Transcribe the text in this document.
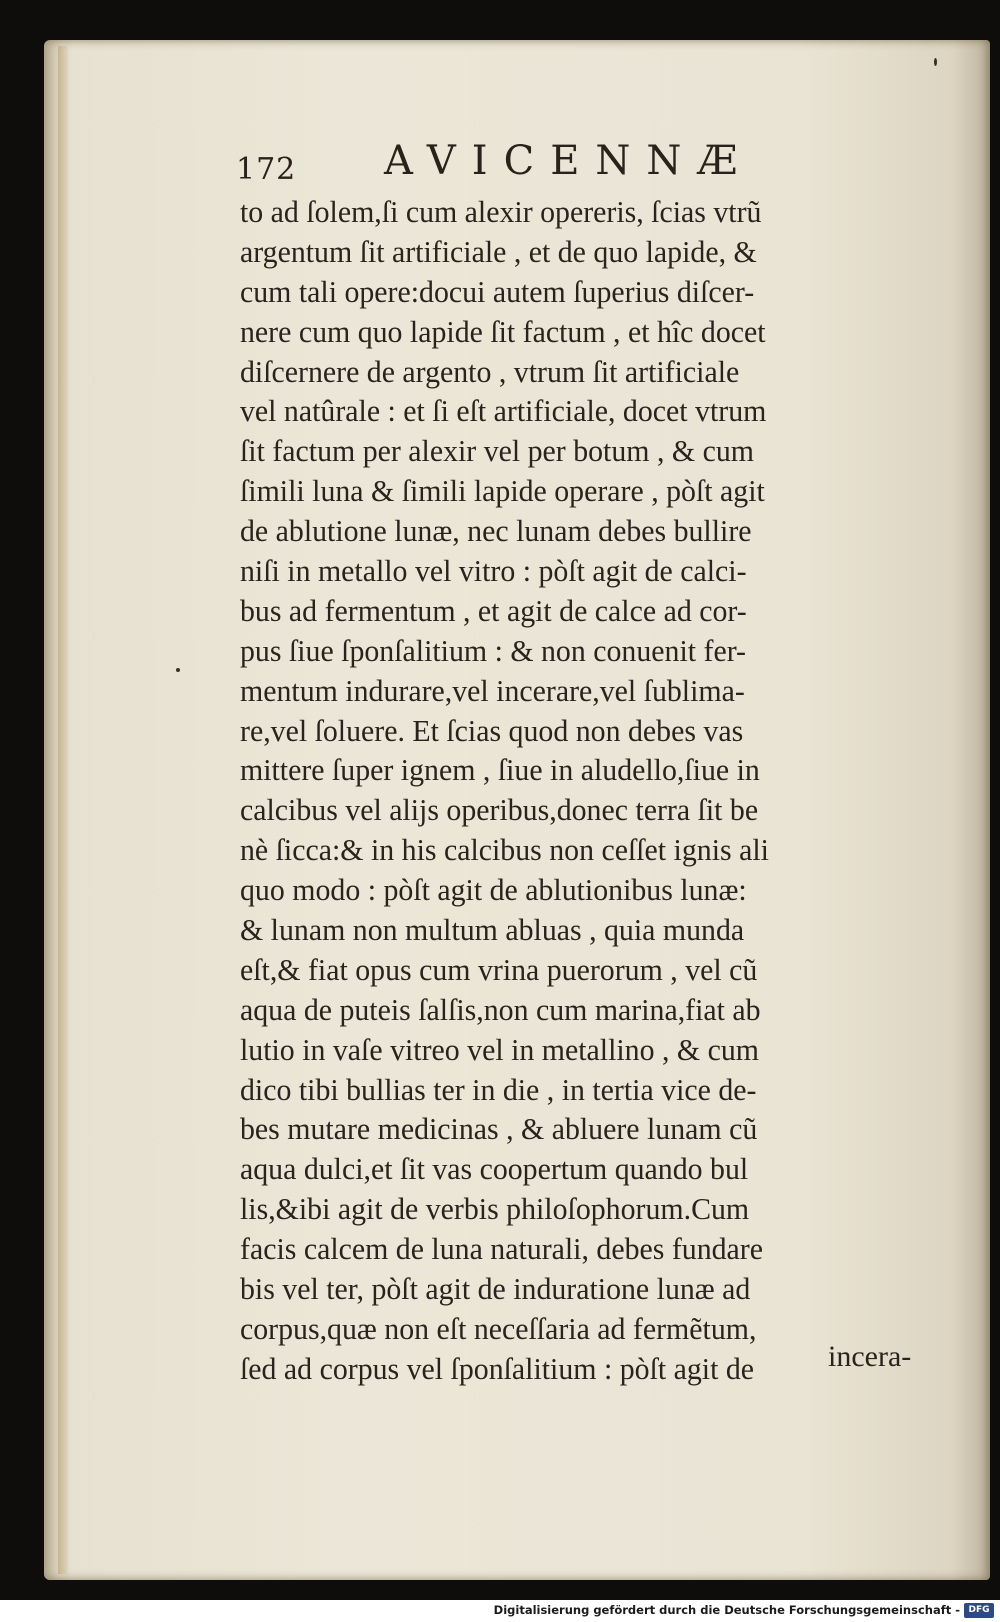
172 AVICENNÆ
to ad ſolem,ſi cum alexir opereris, ſcias vtrũ
argentum ſit artificiale , et de quo lapide, &
cum tali opere:docui autem ſuperius diſcer-
nere cum quo lapide ſit factum , et hîc docet
diſcernere de argento , vtrum ſit artificiale
vel natûrale : et ſi eſt artificiale, docet vtrum
ſit factum per alexir vel per botum , & cum
ſimili luna & ſimili lapide operare , pòſt agit
de ablutione lunæ, nec lunam debes bullire
niſi in metallo vel vitro : pòſt agit de calci-
bus ad fermentum , et agit de calce ad cor-
pus ſiue ſponſalitium : & non conuenit fer-
mentum indurare,vel incerare,vel ſublima-
re,vel ſoluere. Et ſcias quod non debes vas
mittere ſuper ignem , ſiue in aludello,ſiue in
calcibus vel alijs operibus,donec terra ſit be
nè ſicca:& in his calcibus non ceſſet ignis ali
quo modo : pòſt agit de ablutionibus lunæ:
& lunam non multum abluas , quia munda
eſt,& fiat opus cum vrina puerorum , vel cũ
aqua de puteis ſalſis,non cum marina,fiat ab
lutio in vaſe vitreo vel in metallino , & cum
dico tibi bullias ter in die , in tertia vice de-
bes mutare medicinas , & abluere lunam cũ
aqua dulci,et ſit vas coopertum quando bul
lis,&ibi agit de verbis philoſophorum.Cum
facis calcem de luna naturali, debes fundare
bis vel ter, pòſt agit de induratione lunæ ad
corpus,quæ non eſt neceſſaria ad fermẽtum,
ſed ad corpus vel ſponſalitium : pòſt agit de	incera-
Digitalisierung gefördert durch die Deutsche Forschungsgemeinschaft - DFG
